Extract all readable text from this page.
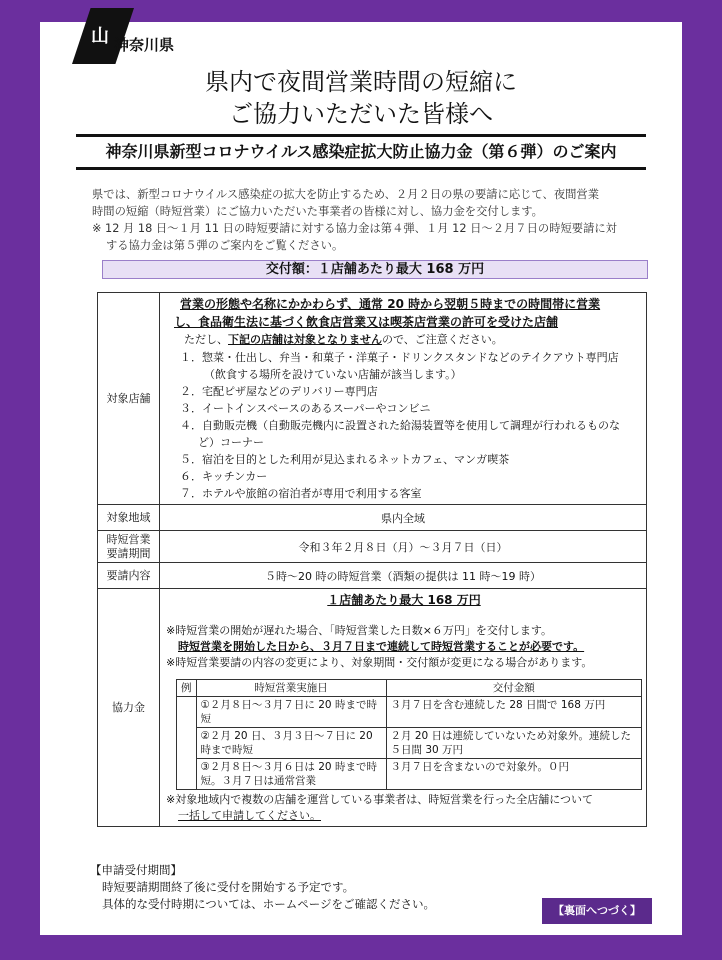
⼭ 神奈川県
県内で夜間営業時間の短縮に
ご協力いただいた皆様へ
神奈川県新型コロナウイルス感染症拡大防止協力金（第６弾）のご案内
県では、新型コロナウイルス感染症の拡大を防止するため、２月２日の県の要請に応じて、夜間営業
時間の短縮（時短営業）にご協力いただいた事業者の皆様に対し、協力金を交付します。
※ 12 月 18 日～１月 11 日の時短要請に対する協力金は第４弾、１月 12 日～２月７日の時短要請に対
する協力金は第５弾のご案内をご覧ください。
交付額：１店舗あたり最大 168 万円
対象店舗	
営業の形態や名称にかかわらず、通常 20 時から翌朝５時までの時間帯に営業
し、食品衛生法に基づく飲食店営業又は喫茶店営業の許可を受けた店舗
ただし、下記の店舗は対象となりませんので、ご注意ください。
１．惣菜・仕出し、弁当・和菓子・洋菓子・ドリンクスタンドなどのテイクアウト専門店
（飲食する場所を設けていない店舗が該当します。）
２．宅配ピザ屋などのデリバリー専門店
３．イートインスペースのあるスーパーやコンビニ
４．自動販売機（自動販売機内に設置された給湯装置等を使用して調理が行われるものな
ど）コーナー
５．宿泊を目的とした利用が見込まれるネットカフェ、マンガ喫茶
６．キッチンカー
７．ホテルや旅館の宿泊者が専用で利用する客室

対象地域	県内全域

時短営業
要請期間	令和３年２月８日（月）～３月７日（日）
要請内容	５時～20 時の時短営業（酒類の提供は 11 時～19 時）
協力金	
１店舗あたり最大 168 万円
※時短営業の開始が遅れた場合、「時短営業した日数×６万円」を交付します。
時短営業を開始した日から、３月７日まで連続して時短営業することが必要です。
※時短営業要請の内容の変更により、対象期間・交付額が変更になる場合があります。
例	時短営業実施日	交付金額
	①２月８日～３月７日に 20 時まで時短	３月７日を含む連続した 28 日間で 168 万円
	②２月 20 日、３月３日～７日に 20 時まで時短	２月 20 日は連続していないため対象外。連続した５日間 30 万円
	③２月８日～３月６日は 20 時まで時短。３月７日は通常営業	３月７日を含まないので対象外。０円
※対象地域内で複数の店舗を運営している事業者は、時短営業を行った全店舗について
一括して申請してください。
【申請受付期間】
時短要請期間終了後に受付を開始する予定です。
具体的な受付時期については、ホームページをご確認ください。	【裏面へつづく】
